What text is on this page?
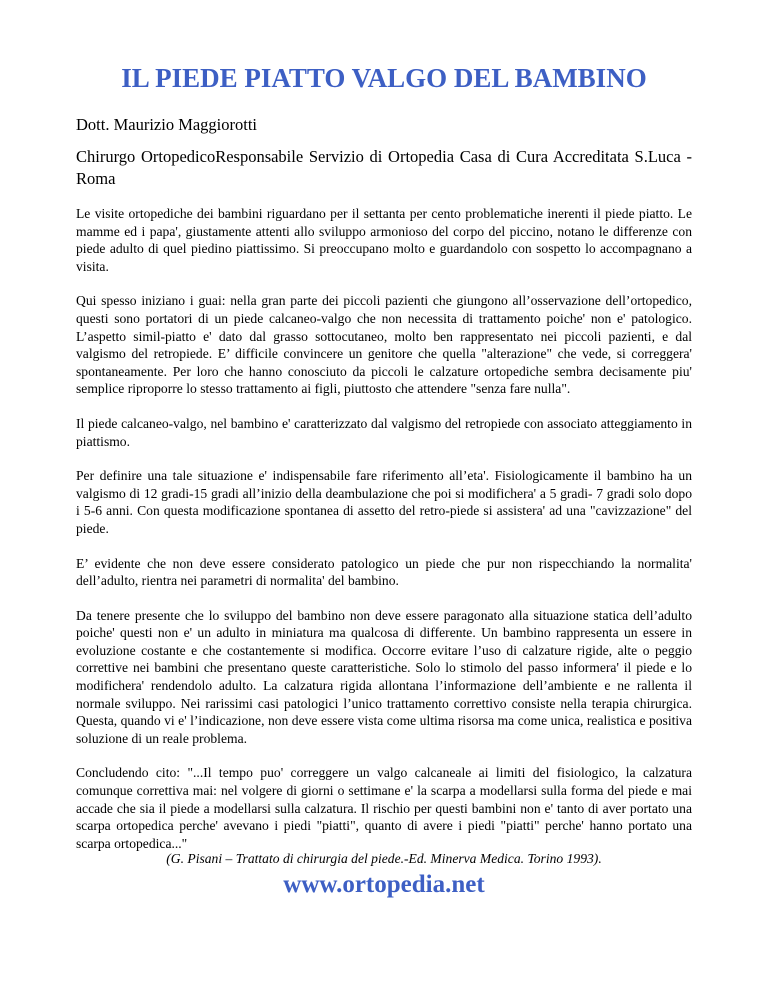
IL PIEDE PIATTO VALGO DEL BAMBINO
Dott. Maurizio Maggiorotti
Chirurgo OrtopedicoResponsabile Servizio di Ortopedia Casa di Cura Accreditata S.Luca -Roma

Le visite ortopediche dei bambini riguardano per il settanta per cento problematiche inerenti il piede piatto. Le mamme ed i papa', giustamente attenti allo sviluppo armonioso del corpo del piccino, notano le differenze con piede adulto di quel piedino piattissimo. Si preoccupano molto e guardandolo con sospetto lo accompagnano a visita.

Qui spesso iniziano i guai: nella gran parte dei piccoli pazienti che giungono all’osservazione dell’ortopedico, questi sono portatori di un piede calcaneo-valgo che non necessita di trattamento poiche' non e' patologico. L’aspetto simil-piatto e' dato dal grasso sottocutaneo, molto ben rappresentato nei piccoli pazienti, e dal valgismo del retropiede. E’ difficile convincere un genitore che quella "alterazione" che vede, si correggera' spontaneamente. Per loro che hanno conosciuto da piccoli le calzature ortopediche sembra decisamente piu' semplice riproporre lo stesso trattamento ai figli, piuttosto che attendere "senza fare nulla".

Il piede calcaneo-valgo, nel bambino e' caratterizzato dal valgismo del retropiede con associato atteggiamento in piattismo.

Per definire una tale situazione e' indispensabile fare riferimento all’eta'. Fisiologicamente il bambino ha un valgismo di 12 gradi-15 gradi all’inizio della deambulazione che poi si modifichera' a 5 gradi- 7 gradi solo dopo i 5-6 anni. Con questa modificazione spontanea di assetto del retro-piede si assistera' ad una "cavizzazione" del piede.

E’ evidente che non deve essere considerato patologico un piede che pur non rispecchiando la normalita' dell’adulto, rientra nei parametri di normalita' del bambino.

Da tenere presente che lo sviluppo del bambino non deve essere paragonato alla situazione statica dell’adulto poiche' questi non e' un adulto in miniatura ma qualcosa di differente. Un bambino rappresenta un essere in evoluzione costante e che costantemente si modifica. Occorre evitare l’uso di calzature rigide, alte o peggio correttive nei bambini che presentano queste caratteristiche. Solo lo stimolo del passo informera' il piede e lo modifichera' rendendolo adulto. La calzatura rigida allontana l’informazione dell’ambiente e ne rallenta il normale sviluppo. Nei rarissimi casi patologici l’unico trattamento correttivo consiste nella terapia chirurgica. Questa, quando vi e' l’indicazione, non deve essere vista come ultima risorsa ma come unica, realistica e positiva soluzione di un reale problema.

Concludendo cito: "...Il tempo puo' correggere un valgo calcaneale ai limiti del fisiologico, la calzatura comunque correttiva mai: nel volgere di giorni o settimane e' la scarpa a modellarsi sulla forma del piede e mai accade che sia il piede a modellarsi sulla calzatura. Il rischio per questi bambini non e' tanto di aver portato una scarpa ortopedica perche' avevano i piedi "piatti", quanto di avere i piedi "piatti" perche' hanno portato una scarpa ortopedica..."

(G. Pisani – Trattato di chirurgia del piede.-Ed. Minerva Medica. Torino 1993).
www.ortopedia.net
